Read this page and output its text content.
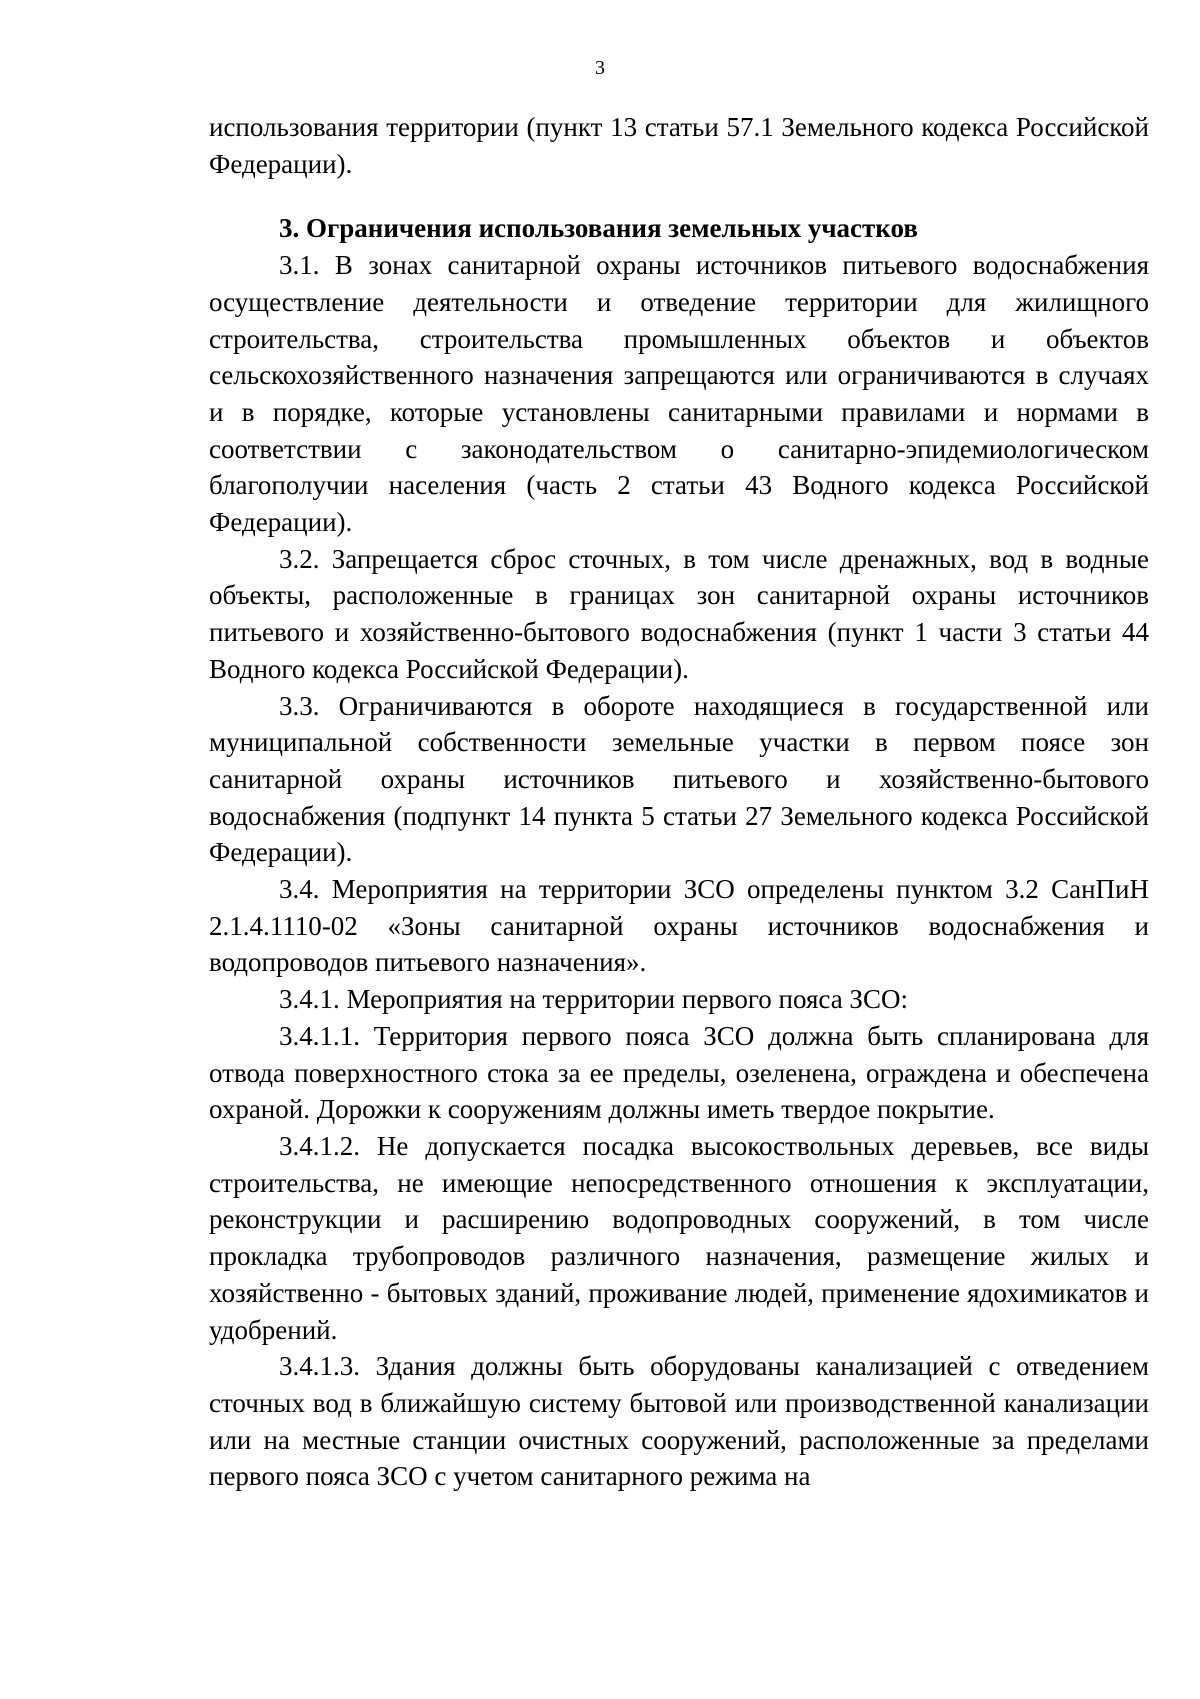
3

использования территории (пункт 13 статьи 57.1 Земельного кодекса Российской Федерации).

3. Ограничения использования земельных участков

3.1. В зонах санитарной охраны источников питьевого водоснабжения осуществление деятельности и отведение территории для жилищного строительства, строительства промышленных объектов и объектов сельскохозяйственного назначения запрещаются или ограничиваются в случаях и в порядке, которые установлены санитарными правилами и нормами в соответствии с законодательством о санитарно-эпидемиологическом благополучии населения (часть 2 статьи 43 Водного кодекса Российской Федерации).

3.2. Запрещается сброс сточных, в том числе дренажных, вод в водные объекты, расположенные в границах зон санитарной охраны источников питьевого и хозяйственно-бытового водоснабжения (пункт 1 части 3 статьи 44 Водного кодекса Российской Федерации).

3.3. Ограничиваются в обороте находящиеся в государственной или муниципальной собственности земельные участки в первом поясе зон санитарной охраны источников питьевого и хозяйственно-бытового водоснабжения (подпункт 14 пункта 5 статьи 27 Земельного кодекса Российской Федерации).

3.4. Мероприятия на территории ЗСО определены пунктом 3.2 СанПиН 2.1.4.1110-02 «Зоны санитарной охраны источников водоснабжения и водопроводов питьевого назначения».

3.4.1. Мероприятия на территории первого пояса ЗСО:

3.4.1.1. Территория первого пояса ЗСО должна быть спланирована для отвода поверхностного стока за ее пределы, озеленена, ограждена и обеспечена охраной. Дорожки к сооружениям должны иметь твердое покрытие.

3.4.1.2. Не допускается посадка высокоствольных деревьев, все виды строительства, не имеющие непосредственного отношения к эксплуатации, реконструкции и расширению водопроводных сооружений, в том числе прокладка трубопроводов различного назначения, размещение жилых и хозяйственно - бытовых зданий, проживание людей, применение ядохимикатов и удобрений.

3.4.1.3. Здания должны быть оборудованы канализацией с отведением сточных вод в ближайшую систему бытовой или производственной канализации или на местные станции очистных сооружений, расположенные за пределами первого пояса ЗСО с учетом санитарного режима на
